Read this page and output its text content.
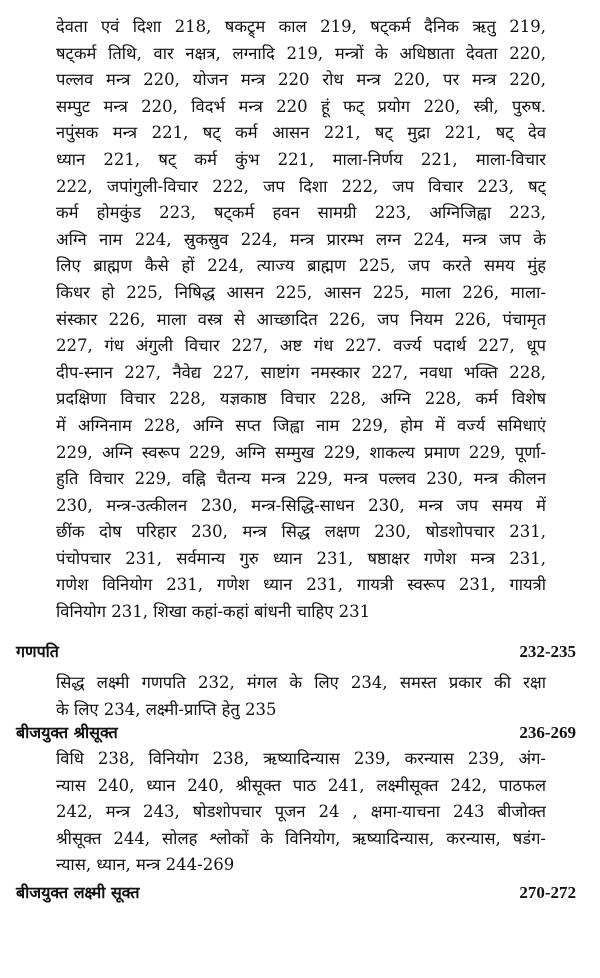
देवता एवं दिशा 218, षकट्र्म काल 219, षट्कर्म दैनिक ऋतु 219,
षट्कर्म तिथि, वार नक्षत्र, लग्नादि 219, मन्त्रों के अधिष्ठाता देवता 220,
पल्लव मन्त्र 220, योजन मन्त्र 220 रोध मन्त्र 220, पर मन्त्र 220,
सम्पुट मन्त्र 220, विदर्भ मन्त्र 220 हूं फट् प्रयोग 220, स्त्री, पुरुष.
नपुंसक मन्त्र 221, षट् कर्म आसन 221, षट् मुद्रा 221, षट् देव
ध्यान 221, षट् कर्म कुंभ 221, माला-निर्णय 221, माला-विचार
222, जपांगुली-विचार 222, जप दिशा 222, जप विचार 223, षट्
कर्म होमकुंड 223, षट्कर्म हवन सामग्री 223, अग्निजिह्वा 223,
अग्नि नाम 224, स्रुकस्रुव 224, मन्त्र प्रारम्भ लग्न 224, मन्त्र जप के
लिए ब्राह्मण कैसे हों 224, त्याज्य ब्राह्मण 225, जप करते समय मुंह
किधर हो 225, निषिद्ध आसन 225, आसन 225, माला 226, माला-
संस्कार 226, माला वस्त्र से आच्छादित 226, जप नियम 226, पंचामृत
227, गंध अंगुली विचार 227, अष्ट गंध 227. वर्ज्य पदार्थ 227, धूप
दीप-स्नान 227, नैवेद्य 227, साष्टांग नमस्कार 227, नवधा भक्ति 228,
प्रदक्षिणा विचार 228, यज्ञकाष्ठ विचार 228, अग्नि 228, कर्म विशेष
में अग्निनाम 228, अग्नि सप्त जिह्वा नाम 229, होम में वर्ज्य समिधाएं
229, अग्नि स्वरूप 229, अग्नि सम्मुख 229, शाकल्य प्रमाण 229, पूर्णा-
हुति विचार 229, वह्नि चैतन्य मन्त्र 229, मन्त्र पल्लव 230, मन्त्र कीलन
230, मन्त्र-उत्कीलन 230, मन्त्र-सिद्धि-साधन 230, मन्त्र जप समय में
छींक दोष परिहार 230, मन्त्र सिद्ध लक्षण 230, षोडशोपचार 231,
पंचोपचार 231, सर्वमान्य गुरु ध्यान 231, षष्ठाक्षर गणेश मन्त्र 231,
गणेश विनियोग 231, गणेश ध्यान 231, गायत्री स्वरूप 231, गायत्री
विनियोग 231, शिखा कहां-कहां बांधनी चाहिए 231
गणपति	232-235
सिद्ध लक्ष्मी गणपति 232, मंगल के लिए 234, समस्त प्रकार की रक्षा
के लिए 234, लक्ष्मी-प्राप्ति हेतु 235
बीजयुक्त श्रीसूक्त	236-269
विधि 238, विनियोग 238, ऋष्यादिन्यास 239, करन्यास 239, अंग-
न्यास 240, ध्यान 240, श्रीसूक्त पाठ 241, लक्ष्मीसूक्त 242, पाठफल
242, मन्त्र 243, षोडशोपचार पूजन 24 , क्षमा-याचना 243 बीजोक्त
श्रीसूक्त 244, सोलह श्लोकों के विनियोग, ऋष्यादिन्यास, करन्यास, षडंग-
न्यास, ध्यान, मन्त्र 244-269
बीजयुक्त लक्ष्मी सूक्त	270-272
